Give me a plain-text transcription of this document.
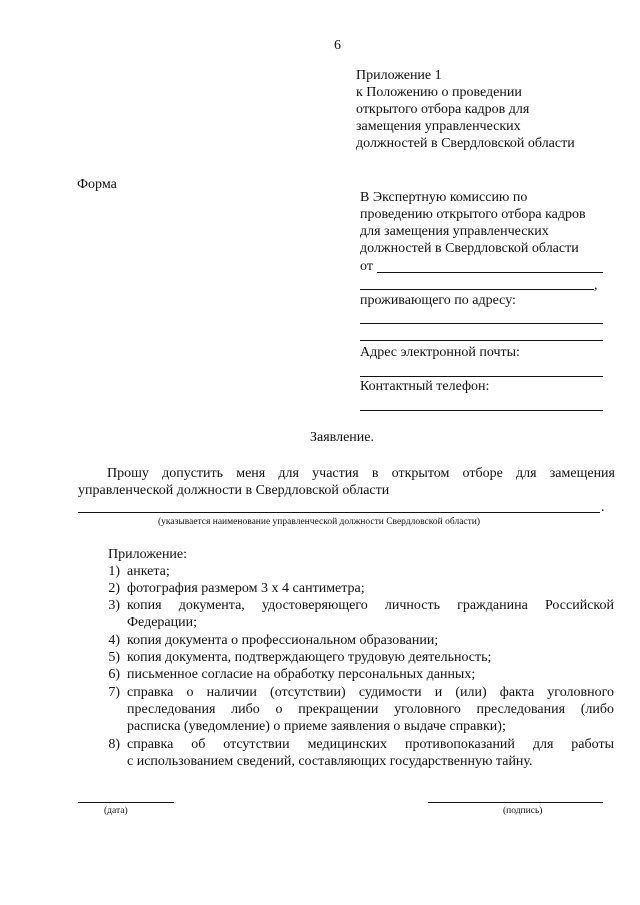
6
Приложение 1
к Положению о проведении
открытого отбора кадров для
замещения управленческих
должностей в Свердловской области
Форма
В Экспертную комиссию по
проведению открытого отбора кадров
для замещения управленческих
должностей в Свердловской области
от
,
проживающего по адресу:
Адрес электронной почты:
Контактный телефон:
Заявление.
Прошу допустить меня для участия в открытом отборе для замещения
управленческой должности в Свердловской области
.
(указывается наименование управленческой должности Свердловской области)
Приложение:
1) анкета;
2) фотография размером 3 х 4 сантиметра;
3) копия документа, удостоверяющего личность гражданина Российской
Федерации;
4) копия документа о профессиональном образовании;
5) копия документа, подтверждающего трудовую деятельность;
6) письменное согласие на обработку персональных данных;
7) справка о наличии (отсутствии) судимости и (или) факта уголовного
преследования либо о прекращении уголовного преследования (либо
расписка (уведомление) о приеме заявления о выдаче справки);
8) справка об отсутствии медицинских противопоказаний для работы
с использованием сведений, составляющих государственную тайну.
(дата)	(подпись)
